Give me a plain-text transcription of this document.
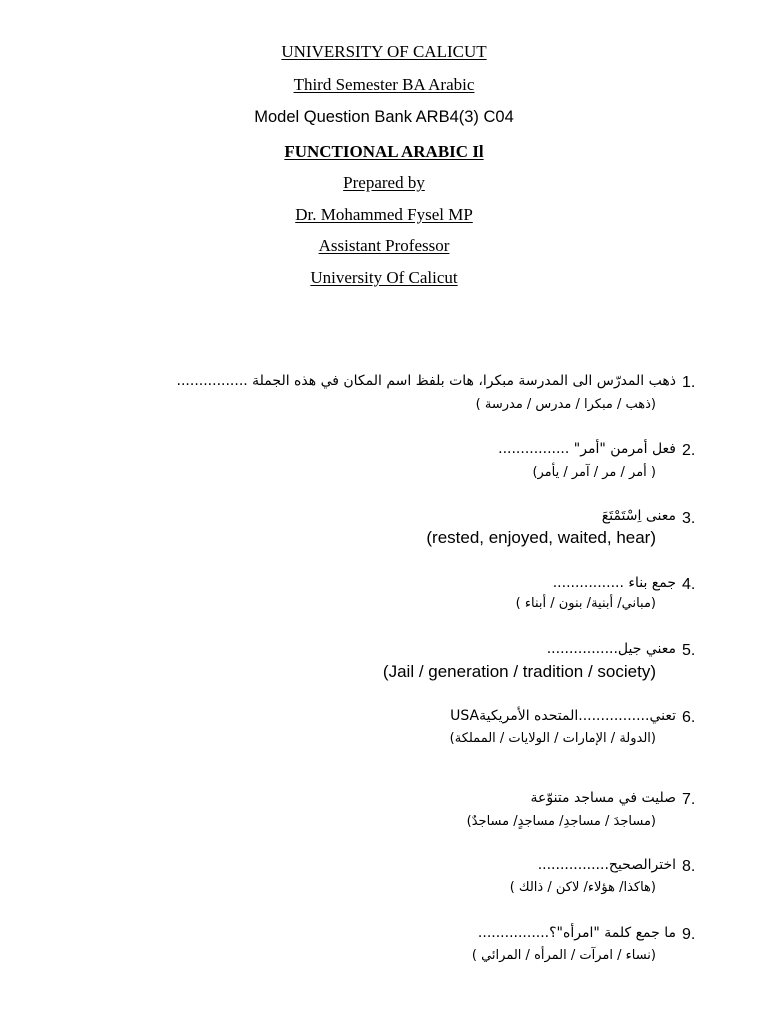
UNIVERSITY OF CALICUT
Third Semester BA Arabic
Model Question Bank ARB4(3) C04
FUNCTIONAL ARABIC Il
Prepared by
Dr. Mohammed Fysel MP
Assistant Professor
University Of Calicut
1.
ذهب المدرّس الى المدرسة مبكرا، هات بلفظ اسم المكان في هذه الجملة ................
(ذهب / مبكرا / مدرس / مدرسة )
2.
فعل أمرمن "أمر" ................
( أمر / مر / آمر / يأمر)
3.
معنى اِسْتَمْتَعَ
(rested, enjoyed, waited, hear)
4.
جمع بناء ................
(مباني/ أبنية/ بنون / أبناء )
5.
معني جيل................
(Jail / generation / tradition / society)
6.
USAتعني................المتحده الأمريكية
(الدولة / الإمارات / الولايات / المملكة)
7.
صليت في مساجد متنوّعة
(مساجدَ / مساجدِ/ مساجدٍ/ مساجدٌ)
8.
اخترالصحيح................
(هاكذا/ هؤلاء/ لاكن / ذالك )
9.
ما جمع كلمة "امرأه"؟................
(نساء / امرآت / المرأه / المرائي )
